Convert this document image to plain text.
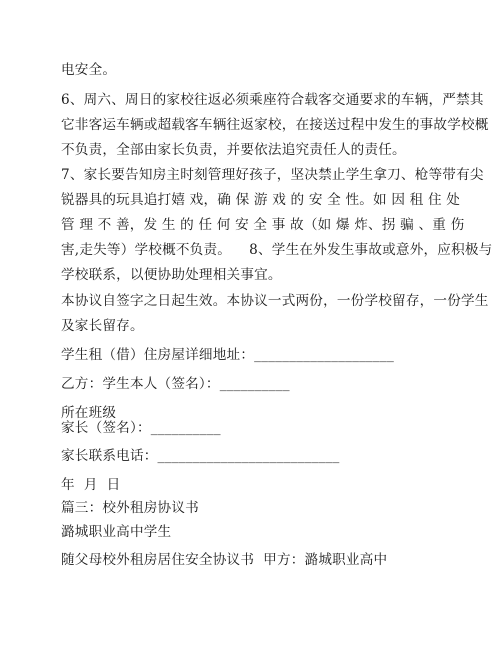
电安全。
6、周六、周日的家校往返必须乘座符合载客交通要求的车辆，严禁其
它非客运车辆或超载客车辆往返家校，在接送过程中发生的事故学校概
不负责，全部由家长负责，并要依法追究责任人的责任。
7、家长要告知房主时刻管理好孩子，坚决禁止学生拿刀、枪等带有尖
锐器具的玩具追打嬉 戏，确 保 游 戏 的 安 全 性。如 因 租 住 处
管 理 不 善，发 生 的 任 何 安 全 事 故（如 爆 炸、拐 骗 、重 伤
害,走失等）学校概不负责。    8、学生在外发生事故或意外，应积极与
学校联系，以便协助处理相关事宜。
本协议自签字之日起生效。本协议一式两份，一份学校留存，一份学生
及家长留存。
学生租（借）住房屋详细地址：____________________
乙方：学生本人（签名）：__________
所在班级
家长（签名）：__________
家长联系电话：__________________________
年  月  日
篇三：校外租房协议书
潞城职业高中学生
随父母校外租房居住安全协议书  甲方：潞城职业高中
